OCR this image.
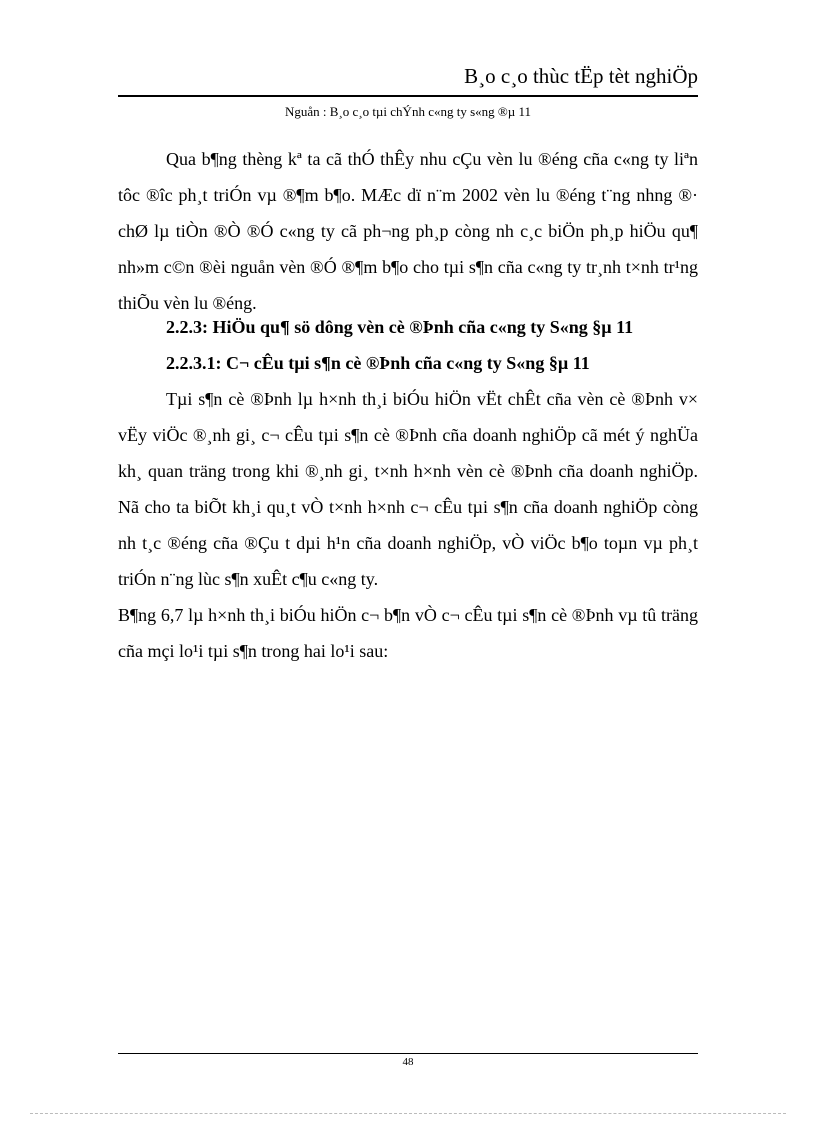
B¸o c¸o thùc tËp tèt nghiÖp
Nguån : B¸o c¸o tµi chÝnh c«ng ty s«ng ®µ 11

Qua b¶ng thèng kª ta cã thÓ thÊy nhu cÇu vèn lu ®éng cña c«ng ty liªn tôc ®îc ph¸t triÓn vµ ®¶m b¶o. MÆc dï n¨m 2002 vèn lu ®éng t¨ng nhng ®· chØ lµ tiÒn ®Ò ®Ó c«ng ty cã ph¬ng ph¸p còng nh c¸c biÖn ph¸p hiÖu qu¶ nh»m c©n ®èi nguån vèn ®Ó ®¶m b¶o cho tµi s¶n cña c«ng ty tr¸nh t×nh tr¹ng thiÕu vèn lu ®éng.

2.2.3: HiÖu qu¶ sö dông vèn cè ®Þnh cña c«ng ty S«ng §µ 11

2.2.3.1: C¬ cÊu tµi s¶n cè ®Þnh cña c«ng ty S«ng §µ 11

Tµi s¶n cè ®Þnh lµ h×nh th¸i biÓu hiÖn vËt chÊt cña vèn cè ®Þnh v× vËy viÖc ®¸nh gi¸ c¬ cÊu tµi s¶n cè ®Þnh cña doanh nghiÖp cã mét ý nghÜa kh¸ quan träng trong khi ®¸nh gi¸ t×nh h×nh vèn cè ®Þnh cña doanh nghiÖp. Nã cho ta biÕt kh¸i qu¸t vÒ t×nh h×nh c¬ cÊu tµi s¶n cña doanh nghiÖp còng nh t¸c ®éng cña ®Çu t dµi h¹n cña doanh nghiÖp, vÒ viÖc b¶o toµn vµ ph¸t triÓn n¨ng lùc s¶n xuÊt c¶u c«ng ty.

B¶ng 6,7 lµ h×nh th¸i biÓu hiÖn c¬ b¶n vÒ c¬ cÊu tµi s¶n cè ®Þnh vµ tû träng cña mçi lo¹i tµi s¶n trong hai lo¹i sau:

48
